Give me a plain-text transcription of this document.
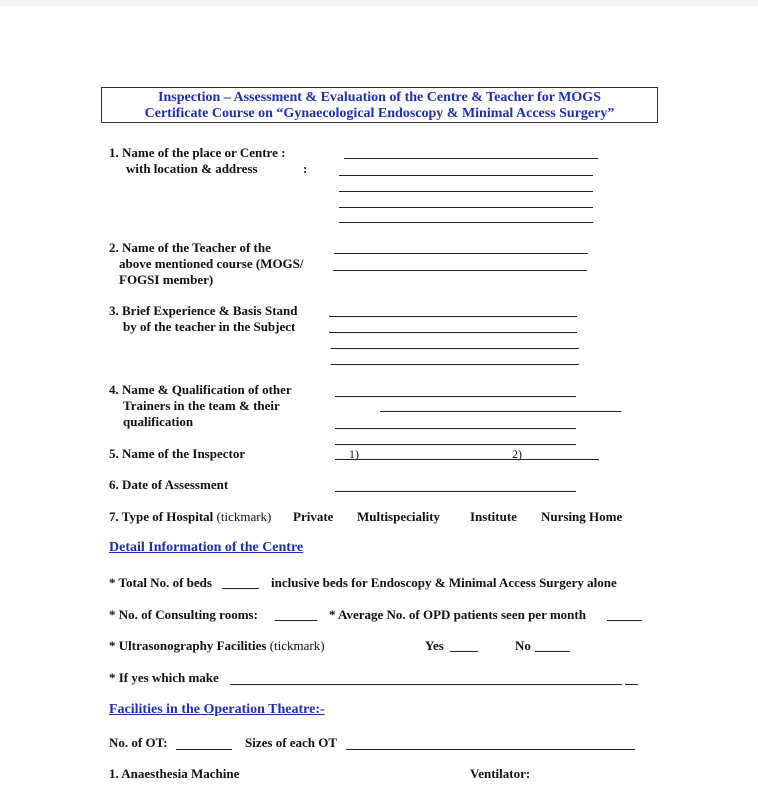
Inspection – Assessment & Evaluation of the Centre & Teacher for MOGS
Certificate Course on “Gynaecological Endoscopy & Minimal Access Surgery”
1. Name of the place or Centre :
with location & address	:
2. Name of the Teacher of the
above mentioned course (MOGS/
FOGSI member)
3. Brief Experience & Basis Stand
by of the teacher in the Subject
4. Name & Qualification of other
Trainers in the team & their
qualification
5. Name of the Inspector	1)	2)
6. Date of Assessment
7. Type of Hospital (tickmark) Private Multispeciality Institute Nursing Home
Detail Information of the Centre
* Total No. of beds	inclusive beds for Endoscopy & Minimal Access Surgery alone
* No. of Consulting rooms:	* Average No. of OPD patients seen per month
* Ultrasonography Facilities (tickmark)	Yes	No
* If yes which make
Facilities in the Operation Theatre:-
No. of OT:	Sizes of each OT
1. Anaesthesia Machine	Ventilator:
